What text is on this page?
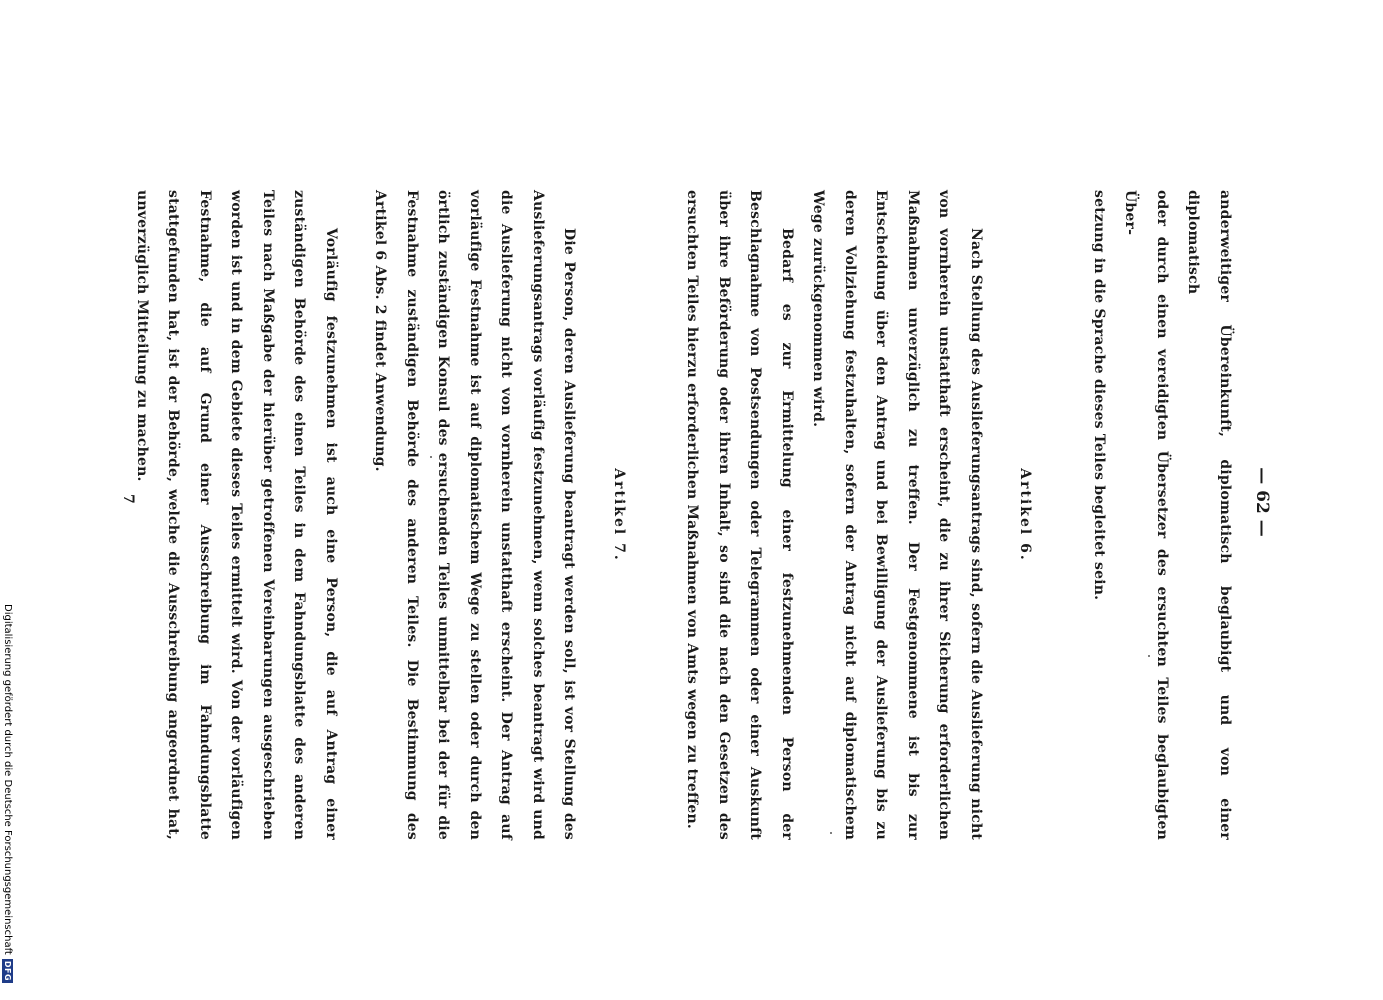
— 62 —

anderweitiger Übereinkunft, diplomatisch beglaubigt und von einer diplomatisch

oder durch einen vereidigten Übersetzer des ersuchten Teiles beglaubigten Über-

setzung in die Sprache dieses Teiles begleitet sein.

Artikel 6.

Nach Stellung des Auslieferungsantrags sind, sofern die Auslieferung nicht von vornherein unstatthaft erscheint, die zu ihrer Sicherung erforderlichen Maßnahmen unverzüglich zu treffen. Der Festgenommene ist bis zur Entscheidung über den Antrag und bei Bewilligung der Auslieferung bis zu deren Vollziehung festzuhalten, sofern der Antrag nicht auf diplomatischem Wege zurückgenommen wird.

Bedarf es zur Ermittelung einer festzunehmenden Person der Beschlagnahme von Postsendungen oder Telegrammen oder einer Auskunft über ihre Beförderung oder ihren Inhalt, so sind die nach den Gesetzen des ersuchten Teiles hierzu erforderlichen Maßnahmen von Amts wegen zu treffen.

Artikel 7.

Die Person, deren Auslieferung beantragt werden soll, ist vor Stellung des Auslieferungsantrags vorläufig festzunehmen, wenn solches beantragt wird und die Auslieferung nicht von vornherein unstatthaft erscheint. Der Antrag auf vorläufige Festnahme ist auf diplomatischem Wege zu stellen oder durch den örtlich zuständigen Konsul des ersuchenden Teiles unmittelbar bei der für die Festnahme zuständigen Behörde des anderen Teiles. Die Bestimmung des Artikel 6 Abs. 2 findet Anwendung.

Vorläufig festzunehmen ist auch eine Person, die auf Antrag einer zuständigen Behörde des einen Teiles in dem Fahndungsblatte des anderen Teiles nach Maßgabe der hierüber getroffenen Vereinbarungen ausgeschrieben worden ist und in dem Gebiete dieses Teiles ermittelt wird. Von der vorläufigen Festnahme, die auf Grund einer Ausschreibung im Fahndungsblatte stattgefunden hat, ist der Behörde, welche die Ausschreibung angeordnet hat, unverzüglich Mitteilung zu machen.

7
Digitalisierung gefördert durch die Deutsche Forschungsgemeinschaft
DFG
